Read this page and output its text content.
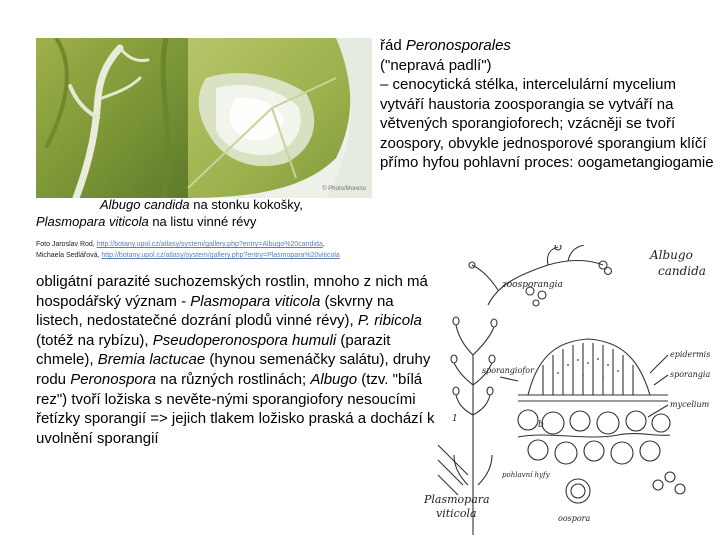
© Photo/Moreno
Albugo candida na stonku kokošky,
Plasmopara viticola na listu vinné révy
Foto Jaroslav Rod, http://botany.upol.cz/atlasy/system/gallery.php?entry=Albugo%20candida,
Michaela Sedlářová, http://botany.upol.cz/atlasy/system/gallery.php?entry=Plasmopara%20viticola
řád Peronosporales
("nepravá padlí")
– cenocytická stélka, intercelulární mycelium vytváří haustoria zoosporangia se vytváří na větvených sporangioforech; vzácněji se tvoří zoospory, obvykle jednosporové sporangium klíčí přímo hyfou pohlavní proces: oogametangiogamie
obligátní parazité suchozemských rostlin, mnoho z nich má hospodářský význam - Plasmopara viticola (skvrny na listech, nedostatečné dozrání plodů vinné révy), P. ribicola (totéž na rybízu), Pseudoperonospora humuli (parazit chmele), Bremia lactucae (hynou semenáčky salátu), druhy rodu Peronospora na různých rostlinách; Albugo (tzv. "bílá rez") tvoří ložiska s nevěte-nými sporangiofory nesoucími řetízky sporangií => jejich tlakem ložisko praská a dochází k uvolnění sporangií
zoosporangia
Albugo
candida
epidermis
sporangia
sporangiofor
mycelium
oospora
pohlavní hyfy
Plasmopara
viticola
1
b
